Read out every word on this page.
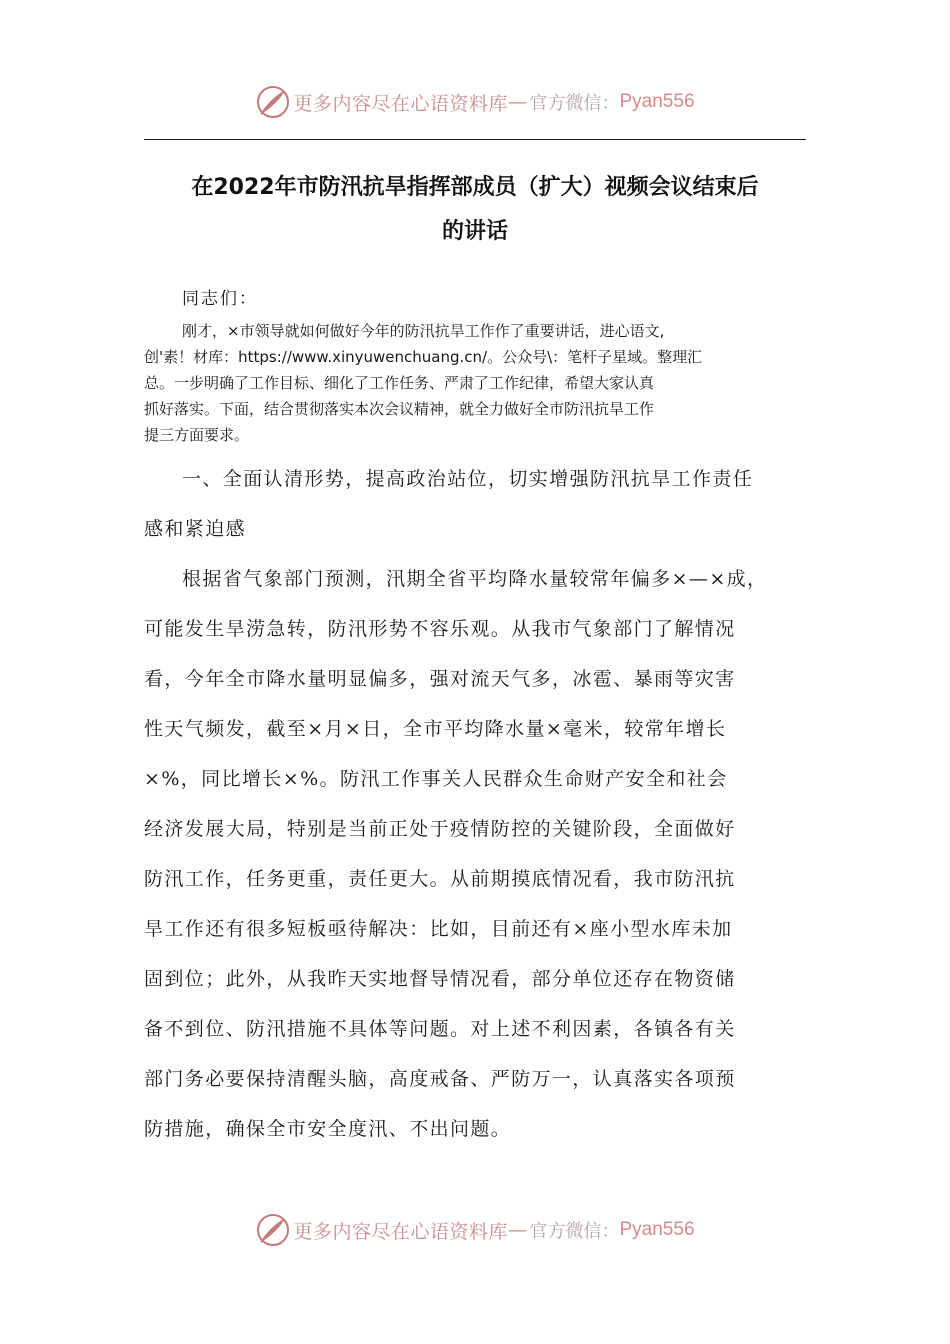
更多内容尽在心语资料库 — 官方微信： Pyan556
在2022年市防汛抗旱指挥部成员（扩大）视频会议结束后
的讲话
同志们：

刚才，×市领导就如何做好今年的防汛抗旱工作作了重要讲话，进心语文,
创'素！材库：https://www.xinyuwenchuang.cn/。公众号\：笔杆子星域。整理汇
总。一步明确了工作目标、细化了工作任务、严肃了工作纪律，希望大家认真
抓好落实。下面，结合贯彻落实本次会议精神，就全力做好全市防汛抗旱工作
提三方面要求。

一、全面认清形势，提高政治站位，切实增强防汛抗旱工作责任
感和紧迫感
根据省气象部门预测，汛期全省平均降水量较常年偏多×—×成，
可能发生旱涝急转，防汛形势不容乐观。从我市气象部门了解情况
看，今年全市降水量明显偏多，强对流天气多，冰雹、暴雨等灾害
性天气频发，截至×月×日，全市平均降水量×毫米，较常年增长
×%，同比增长×%。防汛工作事关人民群众生命财产安全和社会
经济发展大局，特别是当前正处于疫情防控的关键阶段，全面做好
防汛工作，任务更重，责任更大。从前期摸底情况看，我市防汛抗
旱工作还有很多短板亟待解决：比如，目前还有×座小型水库未加
固到位；此外，从我昨天实地督导情况看，部分单位还存在物资储
备不到位、防汛措施不具体等问题。对上述不利因素，各镇各有关
部门务必要保持清醒头脑，高度戒备、严防万一，认真落实各项预
防措施，确保全市安全度汛、不出问题。
更多内容尽在心语资料库 — 官方微信： Pyan556
